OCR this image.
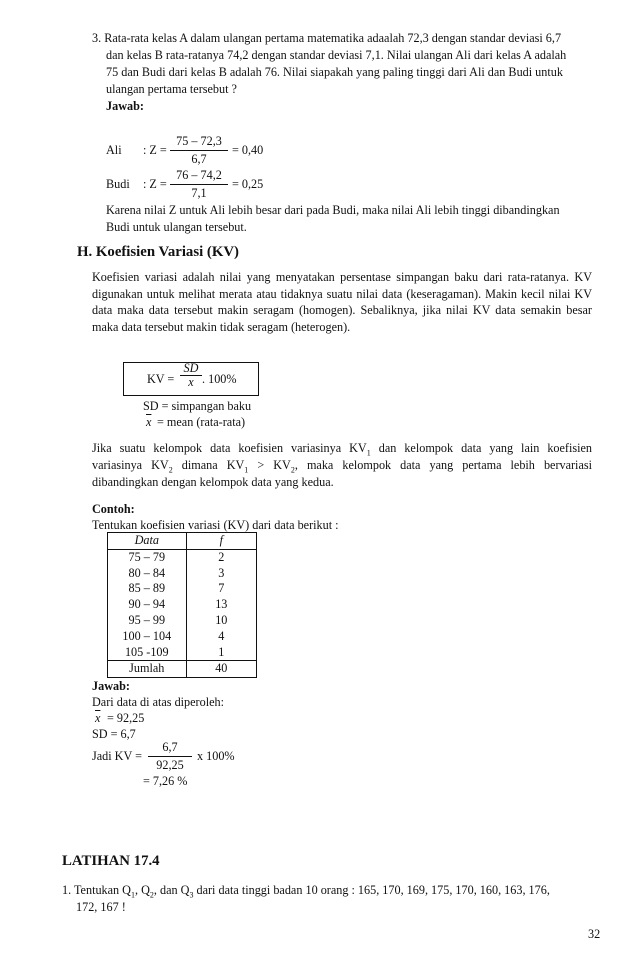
3. Rata-rata kelas A dalam ulangan pertama matematika adaalah 72,3 dengan standar deviasi 6,7
dan kelas B rata-ratanya 74,2 dengan standar deviasi 7,1. Nilai ulangan Ali dari kelas A adalah
75 dan Budi dari kelas B adalah 76. Nilai siapakah yang paling tinggi dari Ali dan Budi untuk
ulangan pertama tersebut ?
Jawab:
Ali : $Z = \frac{75 - 72,3}{6,7} = 0,40$
Budi : $Z = \frac{76 - 74,2}{7,1} = 0,25$
Karena nilai Z untuk Ali lebih besar dari pada Budi, maka nilai Ali lebih tinggi dibandingkan
Budi untuk ulangan tersebut.
H. Koefisien Variasi (KV)
Koefisien variasi adalah nilai yang menyatakan persentase simpangan baku dari rata-ratanya. KV digunakan untuk melihat merata atau tidaknya suatu nilai data (keseragaman). Makin kecil nilai KV data maka data tersebut makin seragam (homogen). Sebaliknya, jika nilai KV data semakin besar maka data tersebut makin tidak seragam (heterogen).
KV = $\frac{SD}{x}$ . 100%
SD = simpangan baku
$\overline{x}$ = mean (rata-rata)
Jika suatu kelompok data koefisien variasinya $KV_1$ dan kelompok data yang lain koefisien
variasinya $KV_2$ dimana $KV_1 > KV_2$, maka kelompok data yang pertama lebih bervariasi
dibandingkan dengan kelompok data yang kedua.
Contoh:
Tentukan koefisien variasi (KV) dari data berikut :
Data	f
75 – 79	2
80 – 84	3
85 – 89	7
90 – 94	13
95 – 99	10
100 – 104	4
105 -109	1
Jumlah	40
Jawab:
Dari data di atas diperoleh:
$\overline{x} = 92,25$
SD = 6,7
Jadi KV = $\frac{6,7}{92,25}$ x 100%
= 7,26 %
LATIHAN 17.4
1. Tentukan $Q_1$, $Q_2$, dan $Q_3$ dari data tinggi badan 10 orang : 165, 170, 169, 175, 170, 160, 163, 176,
172, 167 !
32
